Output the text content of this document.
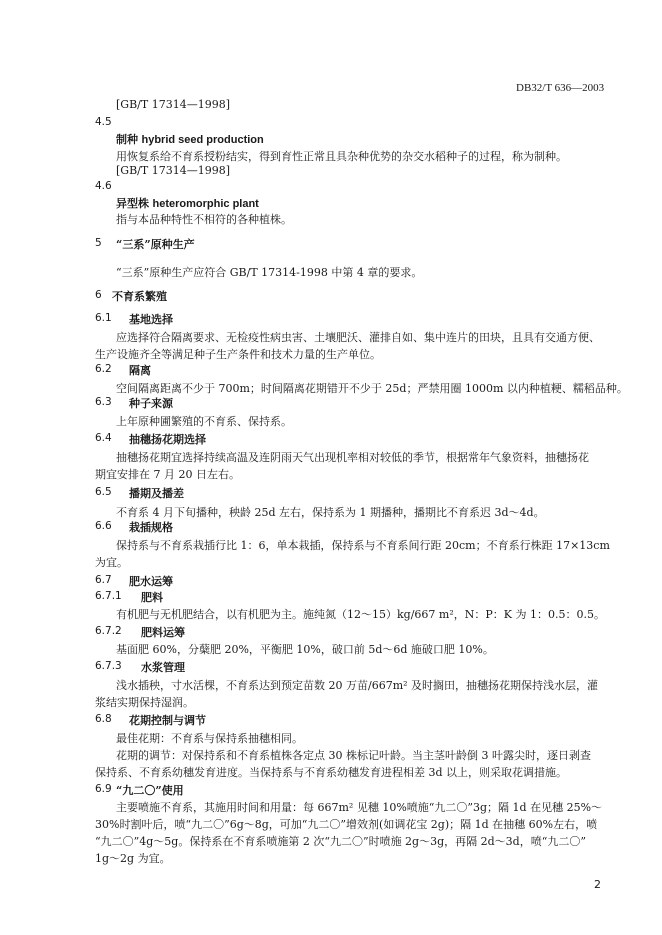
DB32/T 636—2003
[GB/T 17314—1998]
4.5
制种 hybrid seed production
用恢复系给不育系授粉结实，得到育性正常且具杂种优势的杂交水稻种子的过程，称为制种。
[GB/T 17314—1998]
4.6
异型株 heteromorphic plant
指与本品种特性不相符的各种植株。
5 “三系”原种生产
“三系”原种生产应符合 GB/T 17314-1998 中第 4 章的要求。
6 不育系繁殖
6.1 基地选择
应选择符合隔离要求、无检疫性病虫害、土壤肥沃、灌排自如、集中连片的田块，且具有交通方便、
生产设施齐全等满足种子生产条件和技术力量的生产单位。
6.2 隔离
空间隔离距离不少于 700m；时间隔离花期错开不少于 25d；严禁用圈 1000m 以内种植粳、糯稻品种。
6.3 种子来源
上年原种圃繁殖的不育系、保持系。
6.4 抽穗扬花期选择
抽穗扬花期宜选择持续高温及连阴雨天气出现机率相对较低的季节，根据常年气象资料，抽穗扬花
期宜安排在 7 月 20 日左右。
6.5 播期及播差
不育系 4 月下旬播种，秧龄 25d 左右，保持系为 1 期播种，播期比不育系迟 3d～4d。
6.6 栽插规格
保持系与不育系栽插行比 1：6，单本栽插，保持系与不育系间行距 20cm；不育系行株距 17×13cm
为宜。
6.7 肥水运筹
6.7.1 肥料
有机肥与无机肥结合，以有机肥为主。施纯氮（12～15）kg/667 m²，N：P：K 为 1：0.5：0.5。
6.7.2 肥料运筹
基面肥 60%，分蘖肥 20%，平衡肥 10%，破口前 5d～6d 施破口肥 10%。
6.7.3 水浆管理
浅水插秧，寸水活棵，不育系达到预定苗数 20 万苗/667m² 及时搁田，抽穗扬花期保持浅水层，灌
浆结实期保持湿润。
6.8 花期控制与调节
最佳花期：不育系与保持系抽穗相同。
花期的调节：对保持系和不育系植株各定点 30 株标记叶龄。当主茎叶龄倒 3 叶露尖时，逐日剥查
保持系、不育系幼穗发育进度。当保持系与不育系幼穗发育进程相差 3d 以上，则采取花调措施。
6.9 “九二〇”使用
主要喷施不育系，其施用时间和用量：每 667m² 见穗 10%喷施“九二〇”3g；隔 1d 在见穗 25%～
30%时割叶后，喷“九二〇”6g～8g，可加“九二〇”增效剂(如调花宝 2g)；隔 1d 在抽穗 60%左右，喷
“九二〇”4g～5g。保持系在不育系喷施第 2 次“九二〇”时喷施 2g～3g，再隔 2d～3d，喷“九二〇”
1g～2g 为宜。
2
